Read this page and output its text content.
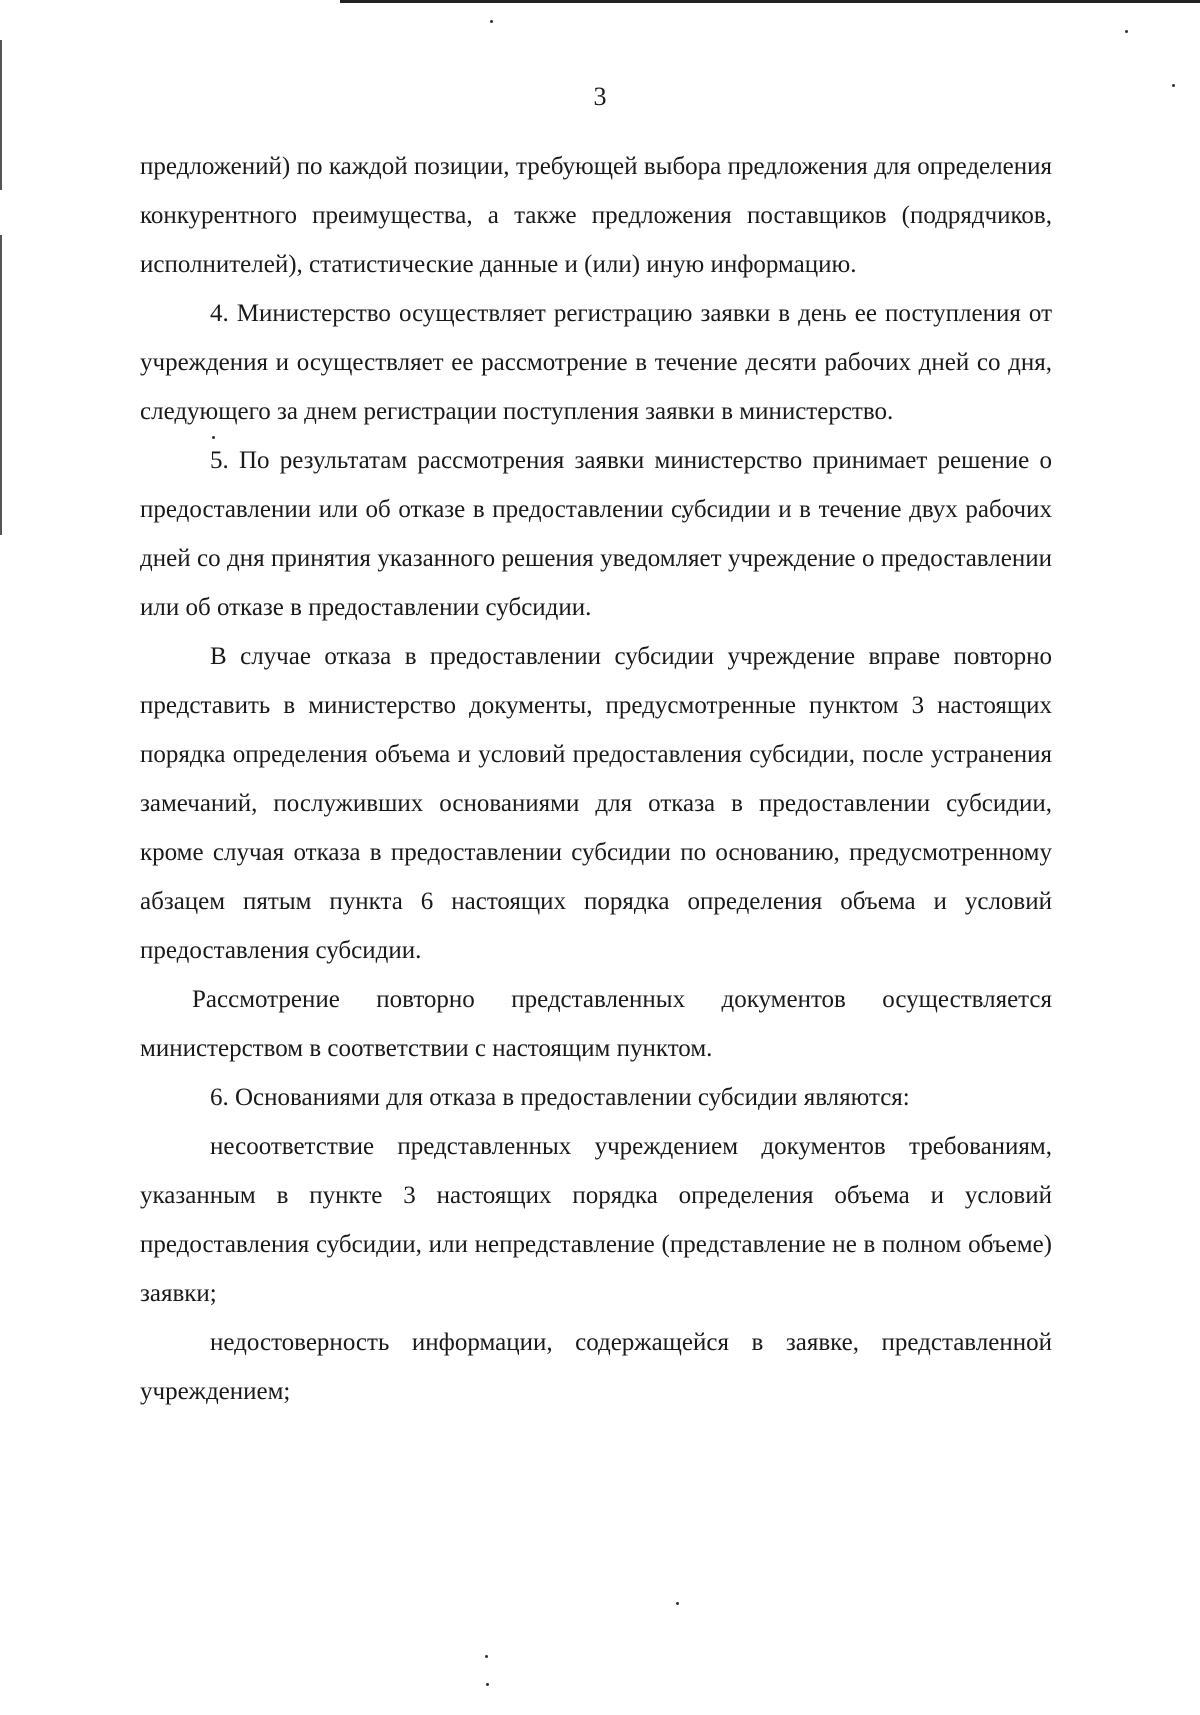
3

предложений) по каждой позиции, требующей выбора предложения для определения конкурентного преимущества, а также предложения поставщиков (подрядчиков, исполнителей), статистические данные и (или) иную информацию.

4. Министерство осуществляет регистрацию заявки в день ее поступления от учреждения и осуществляет ее рассмотрение в течение десяти рабочих дней со дня, следующего за днем регистрации поступления заявки в министерство.

5. По результатам рассмотрения заявки министерство принимает решение о предоставлении или об отказе в предоставлении субсидии и в течение двух рабочих дней со дня принятия указанного решения уведомляет учреждение о предоставлении или об отказе в предоставлении субсидии.

В случае отказа в предоставлении субсидии учреждение вправе повторно представить в министерство документы, предусмотренные пунктом 3 настоящих порядка определения объема и условий предоставления субсидии, после устранения замечаний, послуживших основаниями для отказа в предоставлении субсидии, кроме случая отказа в предоставлении субсидии по основанию, предусмотренному абзацем пятым пункта 6 настоящих порядка определения объема и условий предоставления субсидии.

Рассмотрение повторно представленных документов осуществляется министерством в соответствии с настоящим пунктом.

6. Основаниями для отказа в предоставлении субсидии являются:

несоответствие представленных учреждением документов требованиям, указанным в пункте 3 настоящих порядка определения объема и условий предоставления субсидии, или непредставление (представление не в полном объеме) заявки;

недостоверность информации, содержащейся в заявке, представленной учреждением;
